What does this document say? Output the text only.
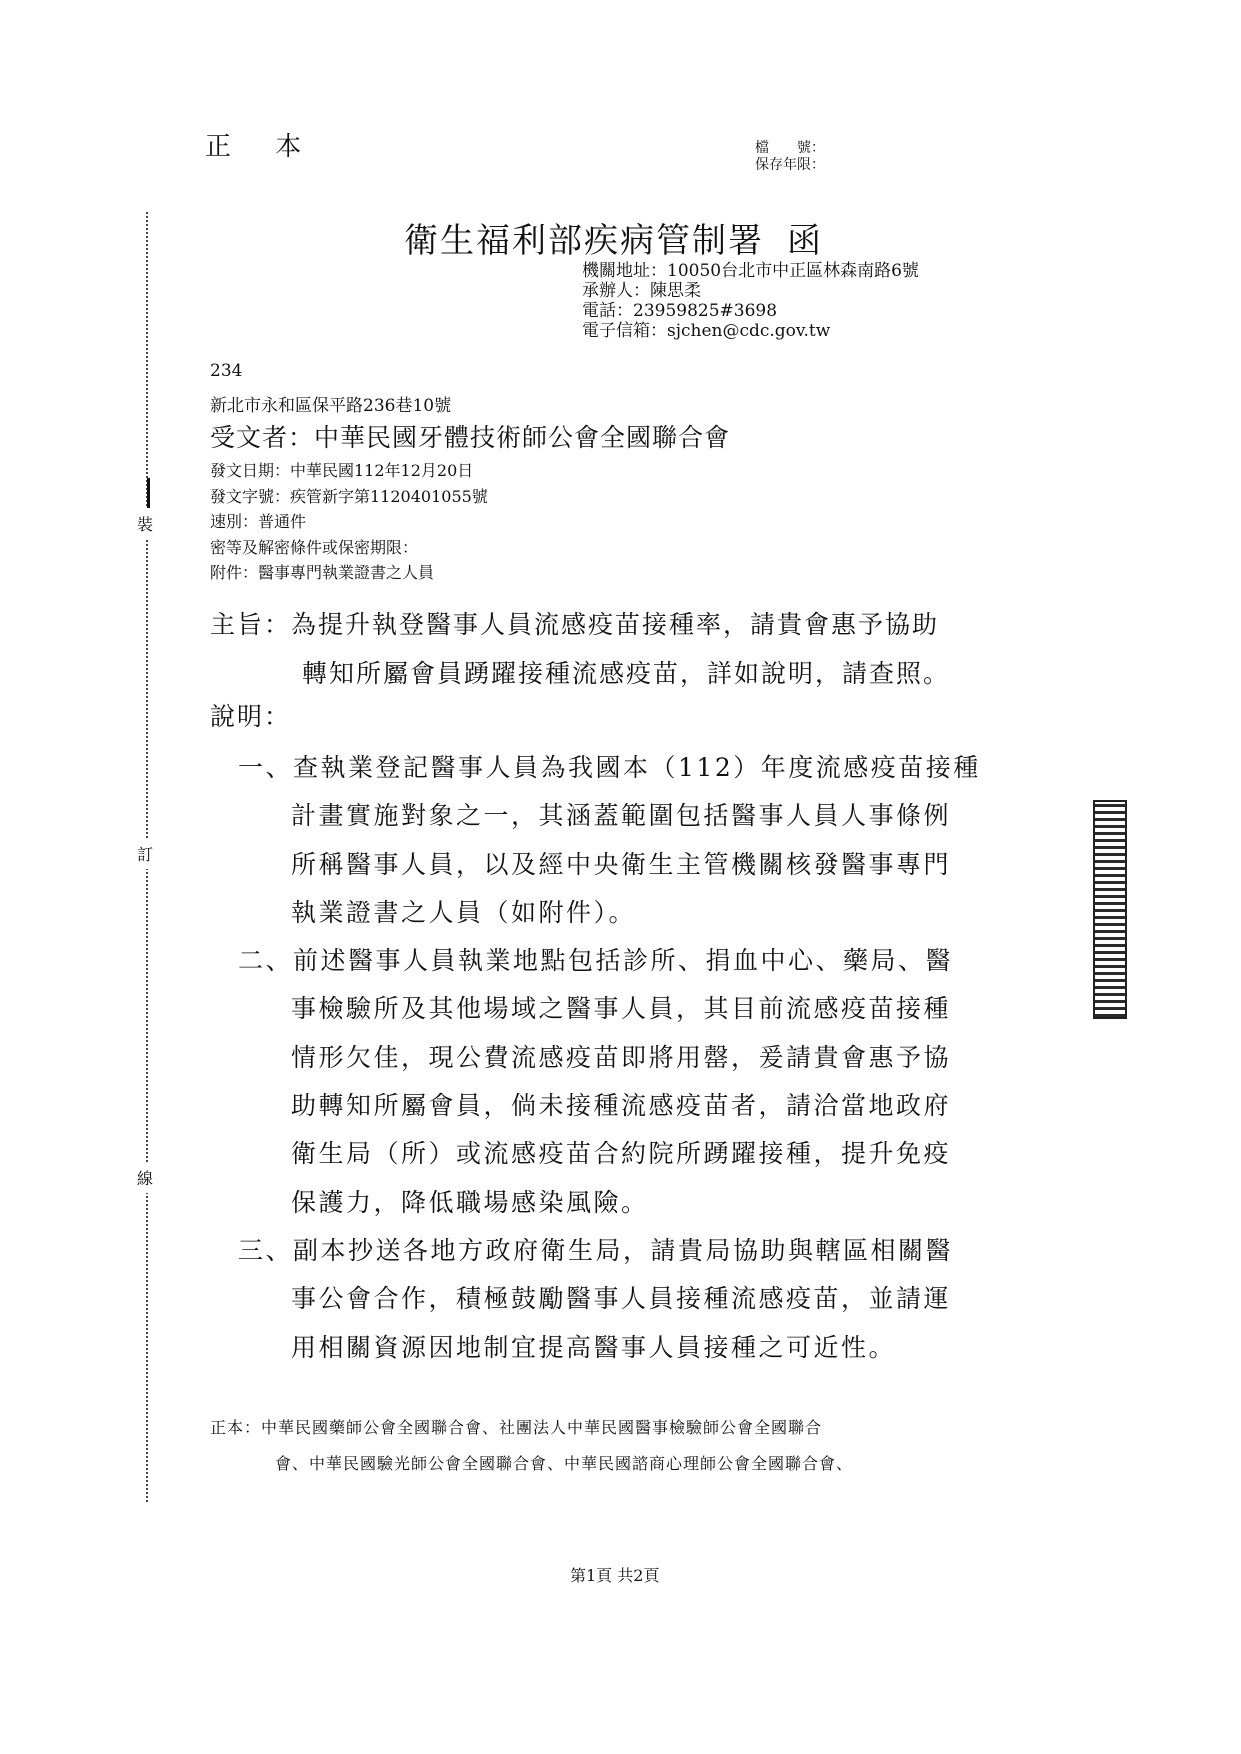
正 本	檔　　號：
保存年限：
裝
訂
線
衛生福利部疾病管制署 函
機關地址：10050台北市中正區林森南路6號
承辦人：陳思柔
電話：23959825#3698
電子信箱：sjchen@cdc.gov.tw
234
新北市永和區保平路236巷10號
受文者：中華民國牙體技術師公會全國聯合會
發文日期：中華民國112年12月20日
發文字號：疾管新字第1120401055號
速別：普通件
密等及解密條件或保密期限：
附件：醫事專門執業證書之人員
主旨：為提升執登醫事人員流感疫苗接種率，請貴會惠予協助
轉知所屬會員踴躍接種流感疫苗，詳如說明，請查照。
說明：
一、查執業登記醫事人員為我國本（112）年度流感疫苗接種
計畫實施對象之一，其涵蓋範圍包括醫事人員人事條例
所稱醫事人員，以及經中央衛生主管機關核發醫事專門
執業證書之人員（如附件）。
二、前述醫事人員執業地點包括診所、捐血中心、藥局、醫
事檢驗所及其他場域之醫事人員，其目前流感疫苗接種
情形欠佳，現公費流感疫苗即將用罄，爰請貴會惠予協
助轉知所屬會員，倘未接種流感疫苗者，請洽當地政府
衛生局（所）或流感疫苗合約院所踴躍接種，提升免疫
保護力，降低職場感染風險。
三、副本抄送各地方政府衛生局，請貴局協助與轄區相關醫
事公會合作，積極鼓勵醫事人員接種流感疫苗，並請運
用相關資源因地制宜提高醫事人員接種之可近性。
正本：中華民國藥師公會全國聯合會、社團法人中華民國醫事檢驗師公會全國聯合
會、中華民國驗光師公會全國聯合會、中華民國諮商心理師公會全國聯合會、
第1頁 共2頁
